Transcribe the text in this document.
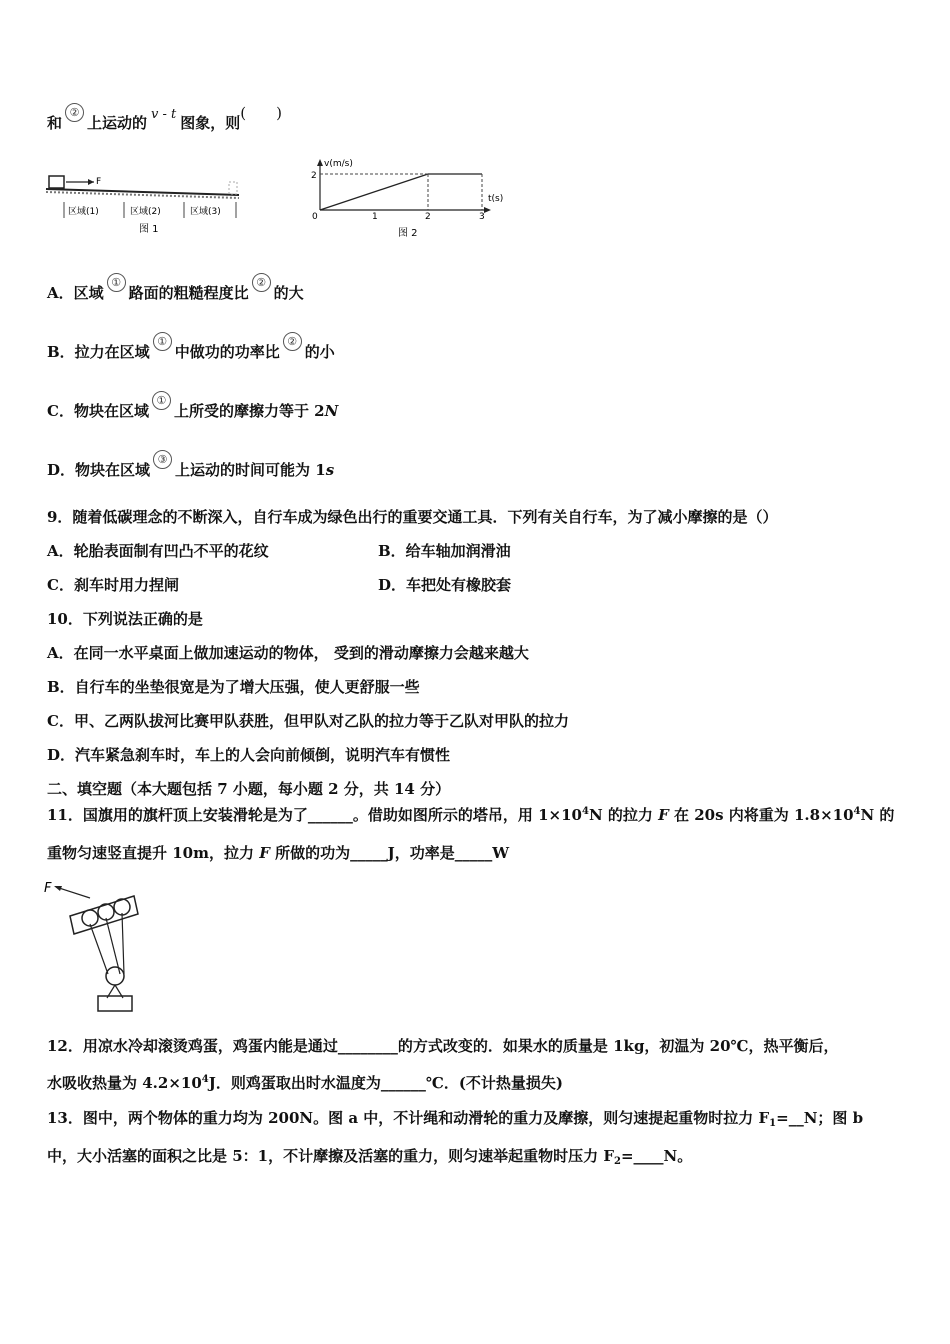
和②上运动的 v - t 图象，则(　　)
F
区域(1)	区域(2)	区域(3)
图 1
v(m/s)
t(s)
2
0	1	2	3
图 2
A．区域①路面的粗糙程度比②的大
B．拉力在区域①中做功的功率比②的小
C．物块在区域①上所受的摩擦力等于 2N
D．物块在区域③上运动的时间可能为 1s
9．随着低碳理念的不断深入，自行车成为绿色出行的重要交通工具．下列有关自行车，为了减小摩擦的是（）
A．轮胎表面制有凹凸不平的花纹	B．给车轴加润滑油
C．刹车时用力捏闸	D．车把处有橡胶套
10．下列说法正确的是
A．在同一水平桌面上做加速运动的物体， 受到的滑动摩擦力会越来越大
B．自行车的坐垫很宽是为了增大压强，使人更舒服一些
C．甲、乙两队拔河比赛甲队获胜，但甲队对乙队的拉力等于乙队对甲队的拉力
D．汽车紧急刹车时，车上的人会向前倾倒，说明汽车有惯性
二、填空题（本大题包括 7 小题，每小题 2 分，共 14 分）
11．国旗用的旗杆顶上安装滑轮是为了______。借助如图所示的塔吊，用 $1\times 10^4N$ 的拉力 F 在 20s 内将重为 $1.8\times 10^4N$ 的
重物匀速竖直提升 10m，拉力 F 所做的功为_____J，功率是_____W
F
12．用凉水冷却滚烫鸡蛋，鸡蛋内能是通过________的方式改变的．如果水的质量是 1kg，初温为 20℃，热平衡后，
水吸收热量为 $4.2\times 10^4J$．则鸡蛋取出时水温度为______℃．(不计热量损失)
13．图中，两个物体的重力均为 200N。图 a 中，不计绳和动滑轮的重力及摩擦，则匀速提起重物时拉力 $F_1=\_\_N$；图 b
中，大小活塞的面积之比是 5：1，不计摩擦及活塞的重力，则匀速举起重物时压力 $F_2=\_\_\_\_N$。
